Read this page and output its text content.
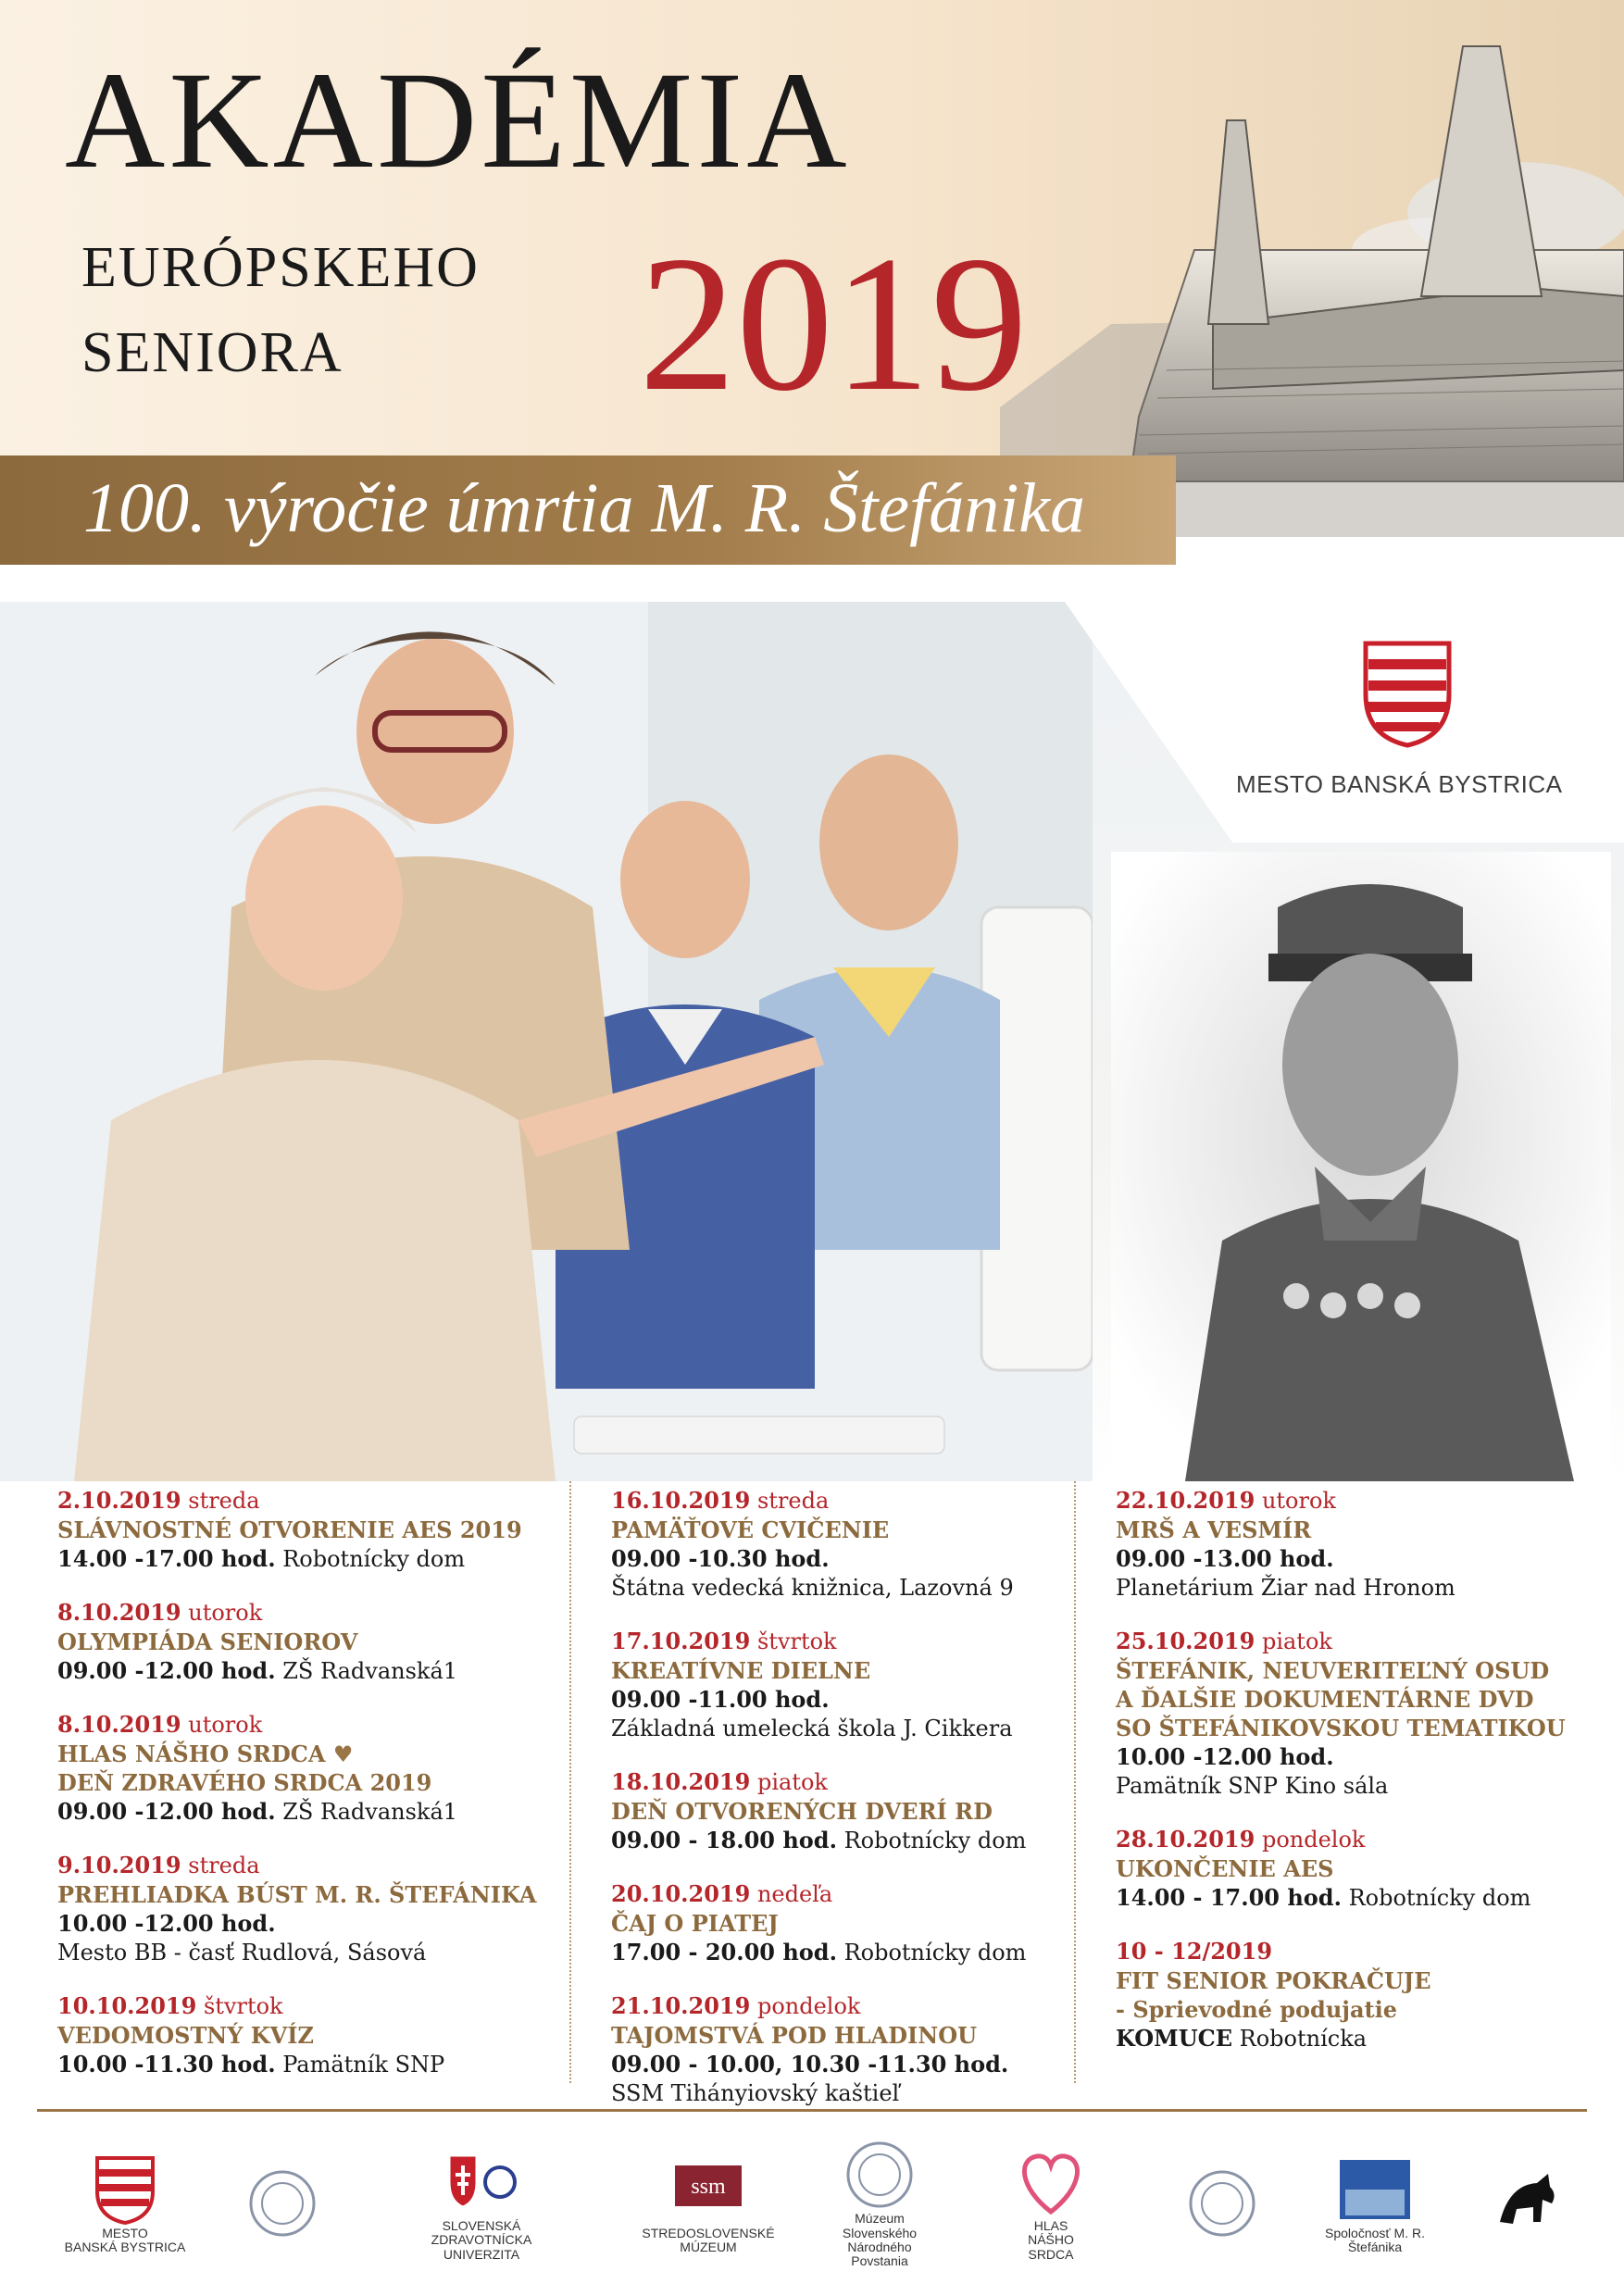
AKADÉMIA
EURÓPSKEHO
SENIORA 2019
100. výročie úmrtia M. R. Štefánika
MESTO BANSKÁ BYSTRICA
2.10.2019 streda
SLÁVNOSTNÉ OTVORENIE AES 2019
14.00 -17.00 hod. Robotnícky dom
8.10.2019 utorok
OLYMPIÁDA SENIOROV
09.00 -12.00 hod. ZŠ Radvanská1
8.10.2019 utorok
HLAS NÁŠHO SRDCA ♥
DEŇ ZDRAVÉHO SRDCA 2019
09.00 -12.00 hod. ZŠ Radvanská1
9.10.2019 streda
PREHLIADKA BÚST M. R. ŠTEFÁNIKA
10.00 -12.00 hod.
Mesto BB - časť Rudlová, Sásová
10.10.2019 štvrtok
VEDOMOSTNÝ KVÍZ
10.00 -11.30 hod. Pamätník SNP
16.10.2019 streda
PAMÄŤOVÉ CVIČENIE
09.00 -10.30 hod.
Štátna vedecká knižnica, Lazovná 9
17.10.2019 štvrtok
KREATÍVNE DIELNE
09.00 -11.00 hod.
Základná umelecká škola J. Cikkera
18.10.2019 piatok
DEŇ OTVORENÝCH DVERÍ RD
09.00 - 18.00 hod. Robotnícky dom
20.10.2019 nedeľa
ČAJ O PIATEJ
17.00 - 20.00 hod. Robotnícky dom
21.10.2019 pondelok
TAJOMSTVÁ POD HLADINOU
09.00 - 10.00, 10.30 -11.30 hod.
SSM Tihányiovský kaštieľ
22.10.2019 utorok
MRŠ A VESMÍR
09.00 -13.00 hod.
Planetárium Žiar nad Hronom
25.10.2019 piatok
ŠTEFÁNIK, NEUVERITEĽNÝ OSUD
A ĎALŠIE DOKUMENTÁRNE DVD
SO ŠTEFÁNIKOVSKOU TEMATIKOU
10.00 -12.00 hod.
Pamätník SNP Kino sála
28.10.2019 pondelok
UKONČENIE AES
14.00 - 17.00 hod. Robotnícky dom
10 - 12/2019
FIT SENIOR POKRAČUJE
- Sprievodné podujatie
KOMUCE Robotnícka
MESTO
BANSKÁ BYSTRICA
SLOVENSKÁ
ZDRAVOTNÍCKA
UNIVERZITA
ssm
STREDOSLOVENSKÉ
MÚZEUM
Múzeum
Slovenského
Národného
Povstania
HLAS
NÁŠHO
SRDCA
Spoločnosť M. R.
Štefánika
